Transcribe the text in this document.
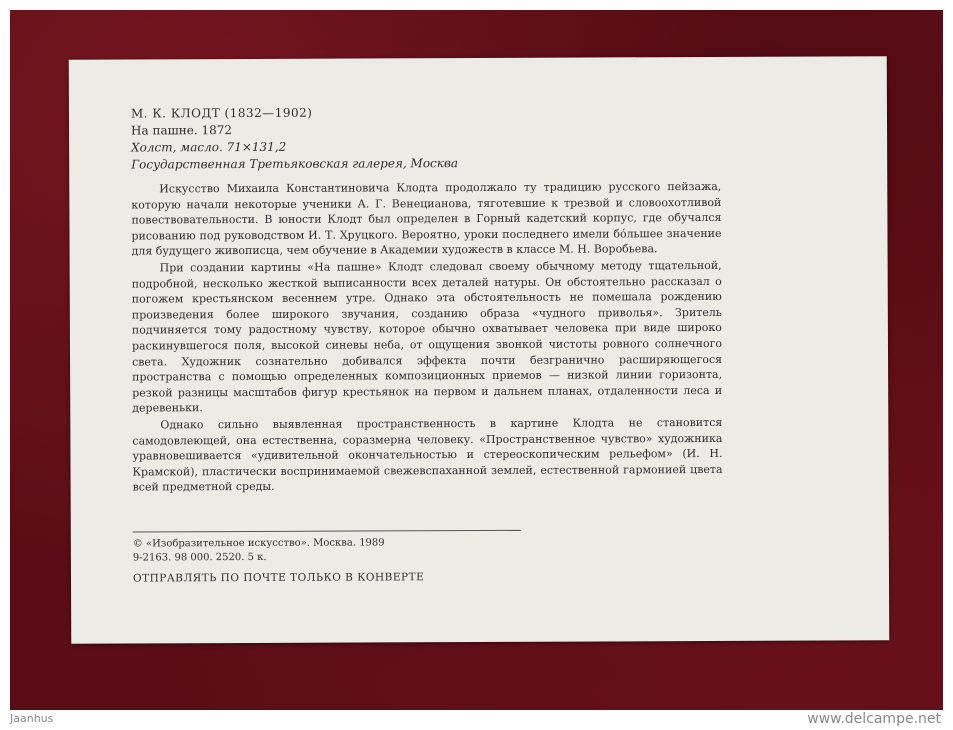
М. К. КЛОДТ (1832—1902)
На пашне. 1872
Холст, масло. 71×131,2
Государственная Третьяковская галерея, Москва

Искусство Михаила Константиновича Клодта продолжало ту традицию русского пейзажа, которую начали некоторые ученики А. Г. Венецианова, тяготевшие к трезвой и словоохотливой повествовательности. В юности Клодт был определен в Горный кадетский корпус, где обучался рисованию под руководством И. Т. Хруцкого. Вероятно, уроки последнего имели бо́льшее значение для будущего живописца, чем обучение в Академии художеств в классе М. Н. Воробьева.

При создании картины «На пашне» Клодт следовал своему обычному методу тщательной, подробной, несколько жесткой выписанности всех деталей натуры. Он обстоятельно рассказал о погожем крестьянском весеннем утре. Однако эта обстоятельность не помешала рождению произведения более широкого звучания, созданию образа «чудного приволья». Зритель подчиняется тому радостному чувству, которое обычно охватывает человека при виде широко раскинувшегося поля, высокой синевы неба, от ощущения звонкой чистоты ровного солнечного света. Художник сознательно добивался эффекта почти безгранично расширяющегося пространства с помощью определенных композиционных приемов — низкой линии горизонта, резкой разницы масштабов фигур крестьянок на первом и дальнем планах, отдаленности леса и деревеньки.

Однако сильно выявленная пространственность в картине Клодта не становится самодовлеющей, она естественна, соразмерна человеку. «Пространственное чувство» художника уравновешивается «удивительной окончательностью и стереоскопическим рельефом» (И. Н. Крамской), пластически воспринимаемой свежевспаханной землей, естественной гармонией цвета всей предметной среды.

© «Изобразительное искусство». Москва. 1989
9-2163. 98 000. 2520. 5 к.
ОТПРАВЛЯТЬ ПО ПОЧТЕ ТОЛЬКО В КОНВЕРТЕ
Jaanhus	www.delcampe.net
